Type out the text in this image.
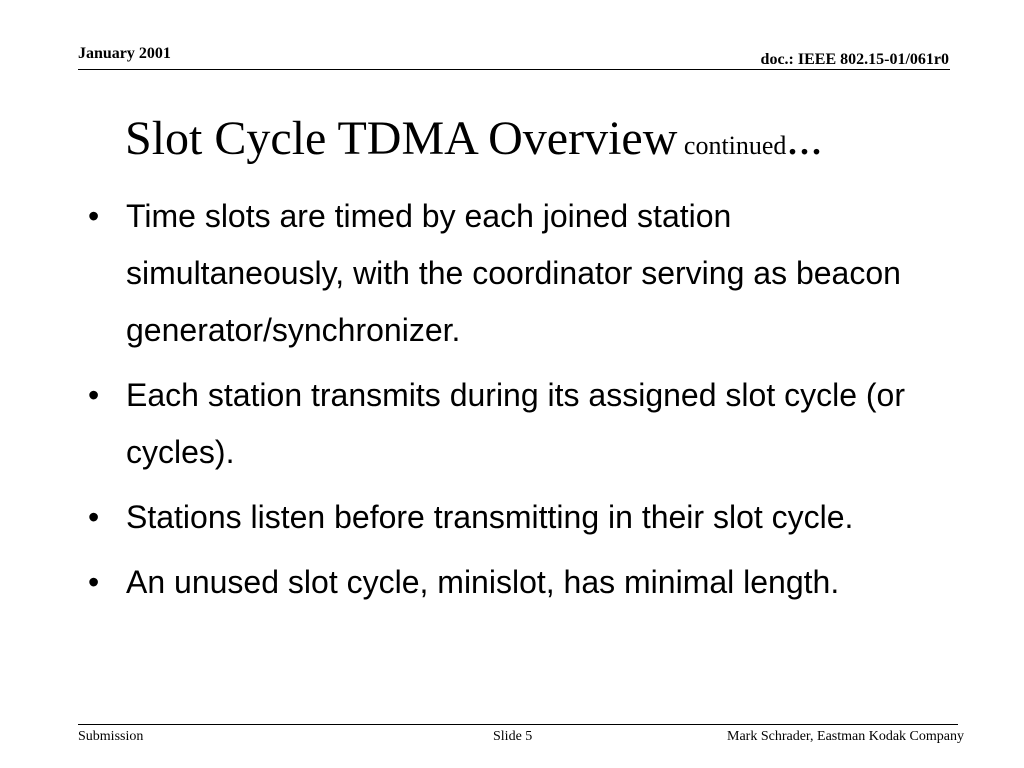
January 2001	doc.: IEEE 802.15-01/061r0
Slot Cycle TDMA Overview continued...
• Time slots are timed by each joined station simultaneously, with the coordinator serving as beacon generator/synchronizer.
• Each station transmits during its assigned slot cycle (or cycles).
• Stations listen before transmitting in their slot cycle.
• An unused slot cycle, minislot, has minimal length.
Submission	Slide 5	Mark Schrader, Eastman Kodak Company
